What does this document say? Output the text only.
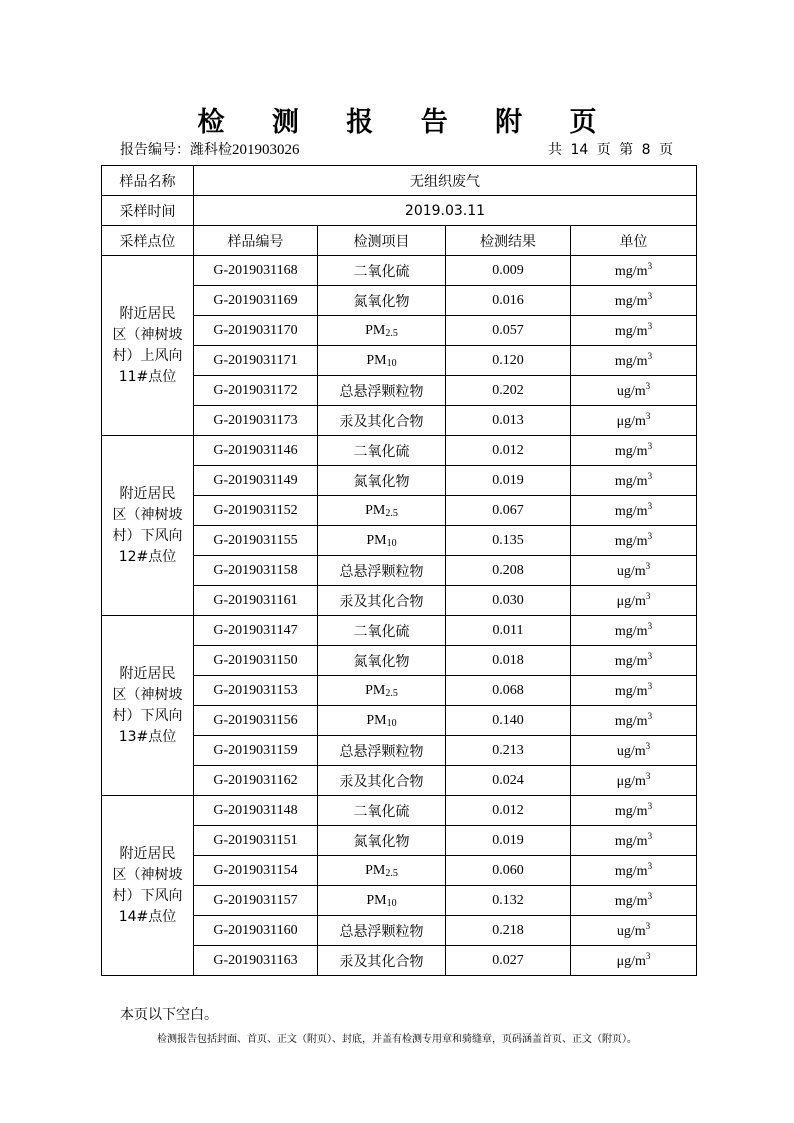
检 测 报 告 附 页
报告编号：潍科检201903026	共 14 页 第 8 页
样品名称	无组织废气			
采样时间	2019.03.11			
采样点位	样品编号	检测项目	检测结果	单位

附近居民
区（神树坡
村）上风向
11#点位	G-2019031168	二氧化硫	0.009	$mg/m^3$
	G-2019031169	氮氧化物	0.016	$mg/m^3$
	G-2019031170	$PM_{2.5}$	0.057	$mg/m^3$
	G-2019031171	$PM_{10}$	0.120	$mg/m^3$
	G-2019031172	总悬浮颗粒物	0.202	$ug/m^3$
	G-2019031173	汞及其化合物	0.013	$\mu g/m^3$

附近居民
区（神树坡
村）下风向
12#点位	G-2019031146	二氧化硫	0.012	$mg/m^3$
	G-2019031149	氮氧化物	0.019	$mg/m^3$
	G-2019031152	$PM_{2.5}$	0.067	$mg/m^3$
	G-2019031155	$PM_{10}$	0.135	$mg/m^3$
	G-2019031158	总悬浮颗粒物	0.208	$ug/m^3$
	G-2019031161	汞及其化合物	0.030	$\mu g/m^3$

附近居民
区（神树坡
村）下风向
13#点位	G-2019031147	二氧化硫	0.011	$mg/m^3$
	G-2019031150	氮氧化物	0.018	$mg/m^3$
	G-2019031153	$PM_{2.5}$	0.068	$mg/m^3$
	G-2019031156	$PM_{10}$	0.140	$mg/m^3$
	G-2019031159	总悬浮颗粒物	0.213	$ug/m^3$
	G-2019031162	汞及其化合物	0.024	$\mu g/m^3$

附近居民
区（神树坡
村）下风向
14#点位	G-2019031148	二氧化硫	0.012	$mg/m^3$
	G-2019031151	氮氧化物	0.019	$mg/m^3$
	G-2019031154	$PM_{2.5}$	0.060	$mg/m^3$
	G-2019031157	$PM_{10}$	0.132	$mg/m^3$
	G-2019031160	总悬浮颗粒物	0.218	$ug/m^3$
	G-2019031163	汞及其化合物	0.027	$\mu g/m^3$
本页以下空白。
检测报告包括封面、首页、正文（附页）、封底，并盖有检测专用章和骑缝章，页码涵盖首页、正文（附页）。
